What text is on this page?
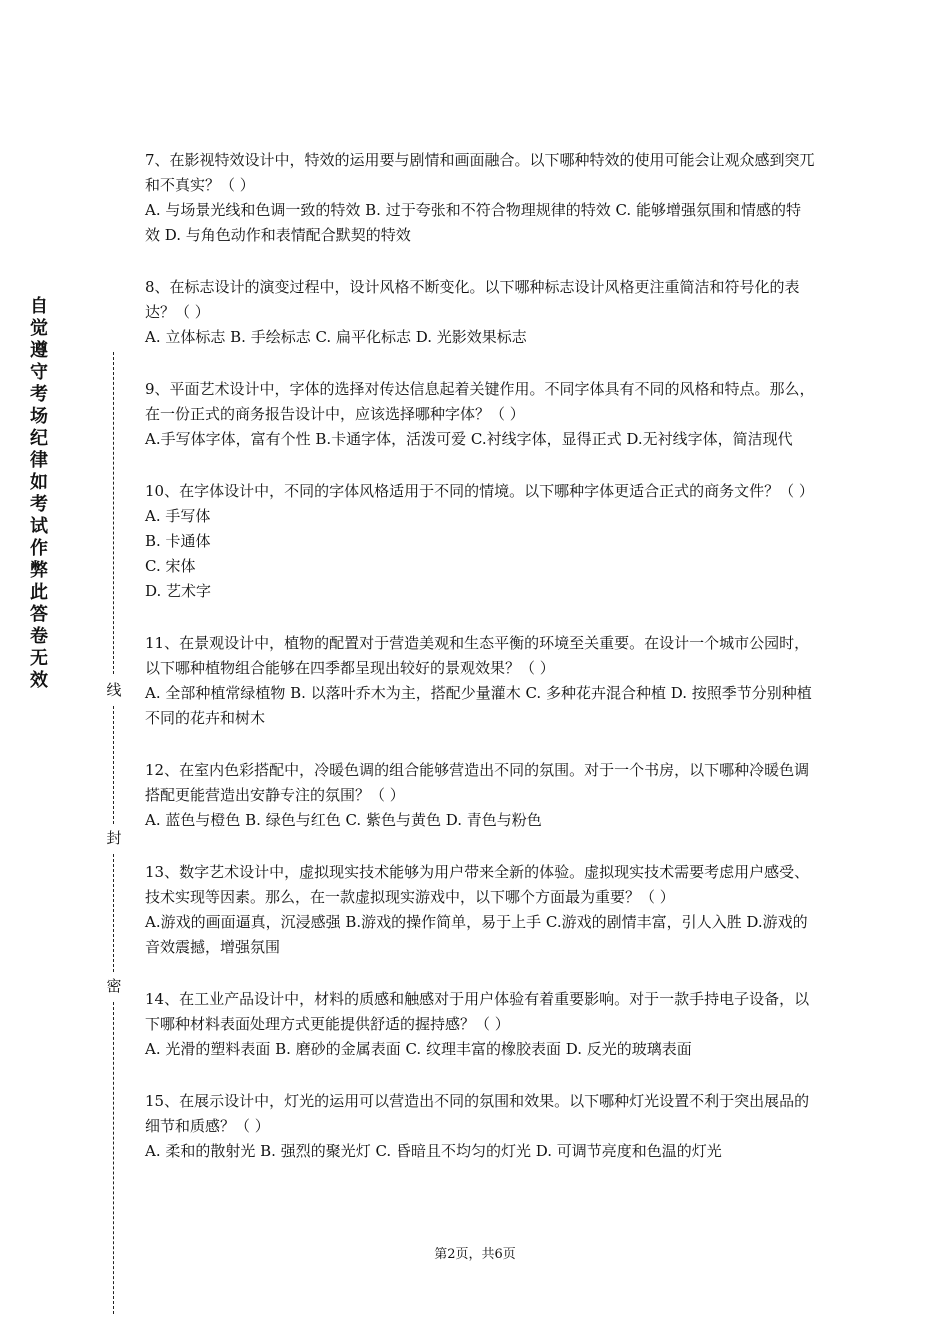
自觉遵守考场纪律如考试作弊此答卷无效	线
封
密

7、在影视特效设计中，特效的运用要与剧情和画面融合。以下哪种特效的使用可能会让观众感到突兀和不真实？（ ）

A. 与场景光线和色调一致的特效 B. 过于夸张和不符合物理规律的特效 C. 能够增强氛围和情感的特效 D. 与角色动作和表情配合默契的特效

8、在标志设计的演变过程中，设计风格不断变化。以下哪种标志设计风格更注重简洁和符号化的表达？（ ）

A. 立体标志 B. 手绘标志 C. 扁平化标志 D. 光影效果标志

9、平面艺术设计中，字体的选择对传达信息起着关键作用。不同字体具有不同的风格和特点。那么，在一份正式的商务报告设计中，应该选择哪种字体？（ ）

A.手写体字体，富有个性 B.卡通字体，活泼可爱 C.衬线字体，显得正式 D.无衬线字体，简洁现代

10、在字体设计中，不同的字体风格适用于不同的情境。以下哪种字体更适合正式的商务文件？（ ）

A. 手写体

B. 卡通体

C. 宋体

D. 艺术字

11、在景观设计中，植物的配置对于营造美观和生态平衡的环境至关重要。在设计一个城市公园时，以下哪种植物组合能够在四季都呈现出较好的景观效果？（ ）

A. 全部种植常绿植物 B. 以落叶乔木为主，搭配少量灌木 C. 多种花卉混合种植 D. 按照季节分别种植不同的花卉和树木

12、在室内色彩搭配中，冷暖色调的组合能够营造出不同的氛围。对于一个书房，以下哪种冷暖色调搭配更能营造出安静专注的氛围？（ ）

A. 蓝色与橙色 B. 绿色与红色 C. 紫色与黄色 D. 青色与粉色

13、数字艺术设计中，虚拟现实技术能够为用户带来全新的体验。虚拟现实技术需要考虑用户感受、技术实现等因素。那么，在一款虚拟现实游戏中，以下哪个方面最为重要？（ ）

A.游戏的画面逼真，沉浸感强 B.游戏的操作简单，易于上手 C.游戏的剧情丰富，引人入胜 D.游戏的音效震撼，增强氛围

14、在工业产品设计中，材料的质感和触感对于用户体验有着重要影响。对于一款手持电子设备，以下哪种材料表面处理方式更能提供舒适的握持感？（ ）

A. 光滑的塑料表面 B. 磨砂的金属表面 C. 纹理丰富的橡胶表面 D. 反光的玻璃表面

15、在展示设计中，灯光的运用可以营造出不同的氛围和效果。以下哪种灯光设置不利于突出展品的细节和质感？（ ）

A. 柔和的散射光 B. 强烈的聚光灯 C. 昏暗且不均匀的灯光 D. 可调节亮度和色温的灯光

第2页，共6页
